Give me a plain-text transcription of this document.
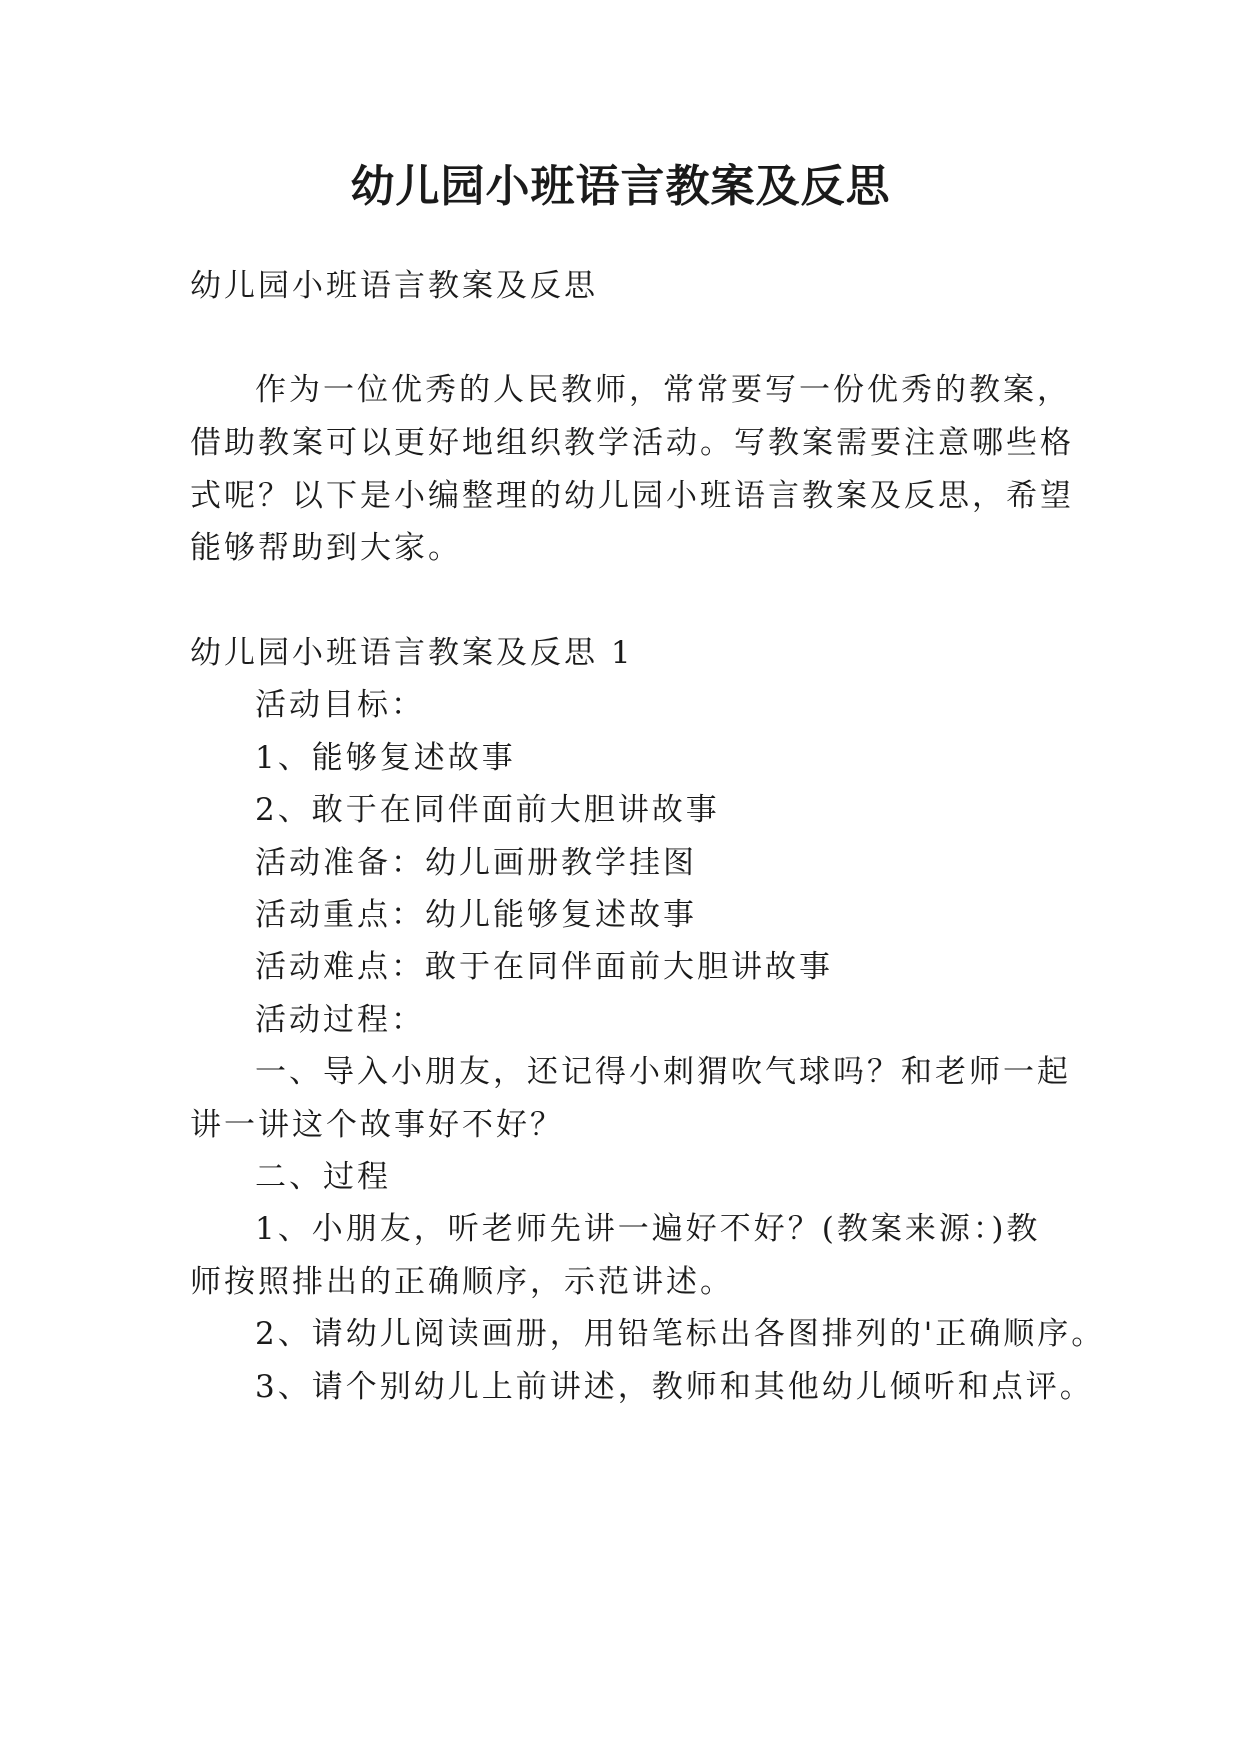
幼儿园小班语言教案及反思

幼儿园小班语言教案及反思

作为一位优秀的人民教师，常常要写一份优秀的教案，

借助教案可以更好地组织教学活动。写教案需要注意哪些格

式呢？以下是小编整理的幼儿园小班语言教案及反思，希望

能够帮助到大家。

幼儿园小班语言教案及反思 1

活动目标：

1、能够复述故事

2、敢于在同伴面前大胆讲故事

活动准备：幼儿画册教学挂图

活动重点：幼儿能够复述故事

活动难点：敢于在同伴面前大胆讲故事

活动过程：

一、导入小朋友，还记得小刺猬吹气球吗？和老师一起

讲一讲这个故事好不好？

二、过程

1、小朋友，听老师先讲一遍好不好？(教案来源：)教

师按照排出的正确顺序，示范讲述。

2、请幼儿阅读画册，用铅笔标出各图排列的'正确顺序。

3、请个别幼儿上前讲述，教师和其他幼儿倾听和点评。
